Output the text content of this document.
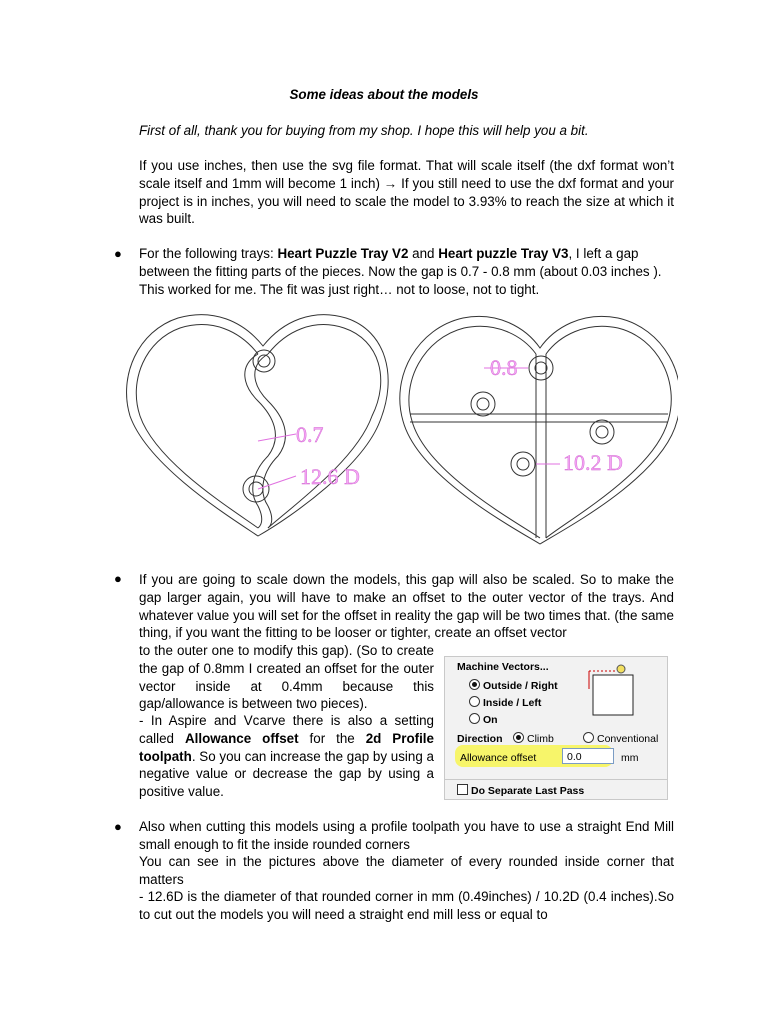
Some ideas about the models
First of all, thank you for buying from my shop. I hope this will help you a bit.
If you use inches, then use the svg file format. That will scale itself (the dxf format won’t scale itself and 1mm will become 1 inch) → If you still need to use the dxf format and your project is in inches, you will need to scale the model to 3.93% to reach the size at which it was built.
● For the following trays: Heart Puzzle Tray V2 and Heart puzzle Tray V3, I left a gap between the fitting parts of the pieces. Now the gap is 0.7 - 0.8 mm (about 0.03 inches ). This worked for me. The fit was just right… not to loose, not to tight.
0.7
12.6 D
0.8
10.2 D
● If you are going to scale down the models, this gap will also be scaled. So to make the gap larger again, you will have to make an offset to the outer vector of the trays. And whatever value you will set for the offset in reality the gap will be two times that. (the same thing, if you want the fitting to be looser or tighter, create an offset vector
to the outer one to modify this gap). (So to create the gap of 0.8mm I created an offset for the outer vector inside at 0.4mm because this gap/allowance is between two pieces).
- In Aspire and Vcarve there is also a setting called Allowance offset for the 2d Profile toolpath. So you can increase the gap by using a negative value or decrease the gap by using a positive value.
Machine Vectors...
Outside / Right
Inside / Left
On
Direction	Climb	Conventional
Allowance offset	0.0	mm
Do Separate Last Pass
● Also when cutting this models using a profile toolpath you have to use a straight End Mill small enough to fit the inside rounded corners
You can see in the pictures above the diameter of every rounded inside corner that matters
- 12.6D is the diameter of that rounded corner in mm (0.49inches) / 10.2D (0.4 inches).So to cut out the models you will need a straight end mill less or equal to
